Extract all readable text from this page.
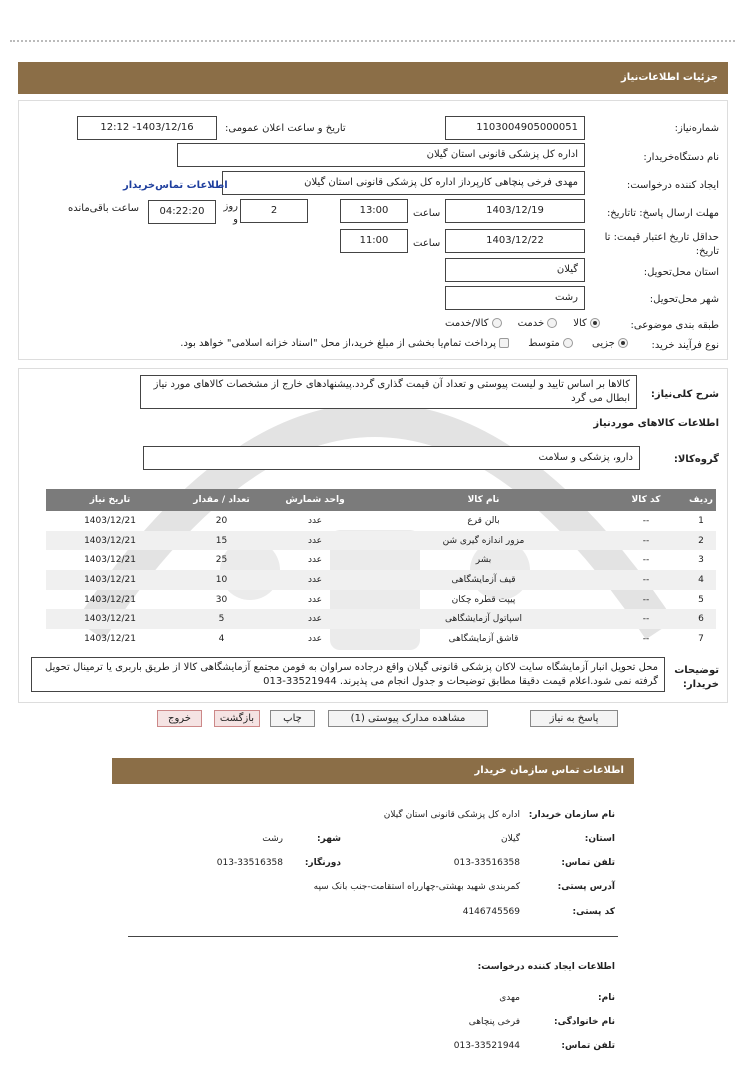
جزئیات اطلاعات‌نیاز
شماره‌نیاز:
1103004905000051
تاریخ و ساعت اعلان عمومی:
1403/12/16- 12:12
نام دستگاه‌خریدار:
اداره کل پزشکی قانونی استان گیلان
ایجاد کننده درخواست:
مهدی فرخی پنچاهی کارپرداز اداره کل پزشکی قانونی استان گیلان
اطلاعات تماس‌خریدار
مهلت ارسال پاسخ: تاتاریخ:
1403/12/19
ساعت
13:00
2
روز و
04:22:20
ساعت باقی‌مانده
حداقل تاریخ اعتبار قیمت: تا تاریخ:
1403/12/22
ساعت
11:00
استان محل‌تحویل:
گیلان
شهر محل‌تحویل:
رشت
طبقه بندی موضوعی:
کالا      خدمت      کالا/خدمت
نوع فرآیند خرید:
جزیی       متوسط       پرداخت تمام‌یا بخشی از مبلغ خرید،از محل "اسناد خزانه اسلامی" خواهد بود.
شرح کلی‌نیاز:
کالاها بر اساس تایید و لیست پیوستی و تعداد آن قیمت گذاری گردد.پیشنهادهای خارج از مشخصات کالاهای مورد نیاز ابطال می گرد
اطلاعات کالاهای موردنیاز
گروه‌کالا:
دارو، پزشکی و سلامت
ردیف	کد کالا	نام کالا	واحد شمارش	تعداد / مقدار	تاریخ نیاز
1	--	بالن قرع	عدد	20	1403/12/21
2	--	مزور اندازه گیری شن	عدد	15	1403/12/21
3	--	بشر	عدد	25	1403/12/21
4	--	قیف آزمایشگاهی	عدد	10	1403/12/21
5	--	پیپت قطره چکان	عدد	30	1403/12/21
6	--	اسپاتول آزمایشگاهی	عدد	5	1403/12/21
7	--	قاشق آزمایشگاهی	عدد	4	1403/12/21
توضیحات خریدار:
محل تحویل انبار آزمایشگاه سایت لاکان پزشکی قانونی گیلان واقع درجاده سراوان به فومن مجتمع آزمایشگاهی کالا از طریق باربری یا ترمینال تحویل گرفته نمی شود.اعلام قیمت دقیقا مطابق توضیحات و جدول انجام می پذیرند. 33521944-013
پاسخ به نیاز
مشاهده مدارک پیوستی (1)
چاپ
بازگشت
خروج
اطلاعات تماس سازمان خریدار
نام سازمان خریدار:
اداره کل پزشکی قانونی استان گیلان
استان:
گیلان
شهر:
رشت
تلفن تماس:
013-33516358
دورنگار:
013-33516358
آدرس پستی:
کمربندی شهید بهشتی-چهارراه استقامت-جنب بانک سپه
کد پستی:
4146745569
اطلاعات ایجاد کننده درخواست:
نام:
مهدی
نام خانوادگی:
فرخی پنچاهی
تلفن تماس:
013-33521944
